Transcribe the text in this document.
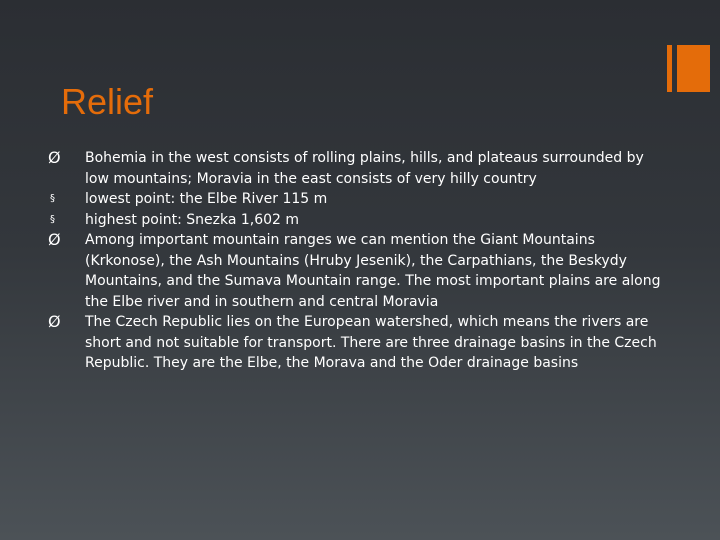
Relief
Ø	Bohemia in the west consists of rolling plains, hills, and plateaus surrounded by low mountains; Moravia in the east consists of very hilly country
§	lowest point: the Elbe River 115 m
§	highest point: Snezka 1,602 m
Ø	Among important mountain ranges we can mention the Giant Mountains (Krkonose), the Ash Mountains (Hruby Jesenik), the Carpathians, the Beskydy Mountains, and the Sumava Mountain range. The most important plains are along the Elbe river and in southern and central Moravia
Ø	The Czech Republic lies on the European watershed, which means the rivers are short and not suitable for transport. There are three drainage basins in the Czech Republic. They are the Elbe, the Morava and the Oder drainage basins
